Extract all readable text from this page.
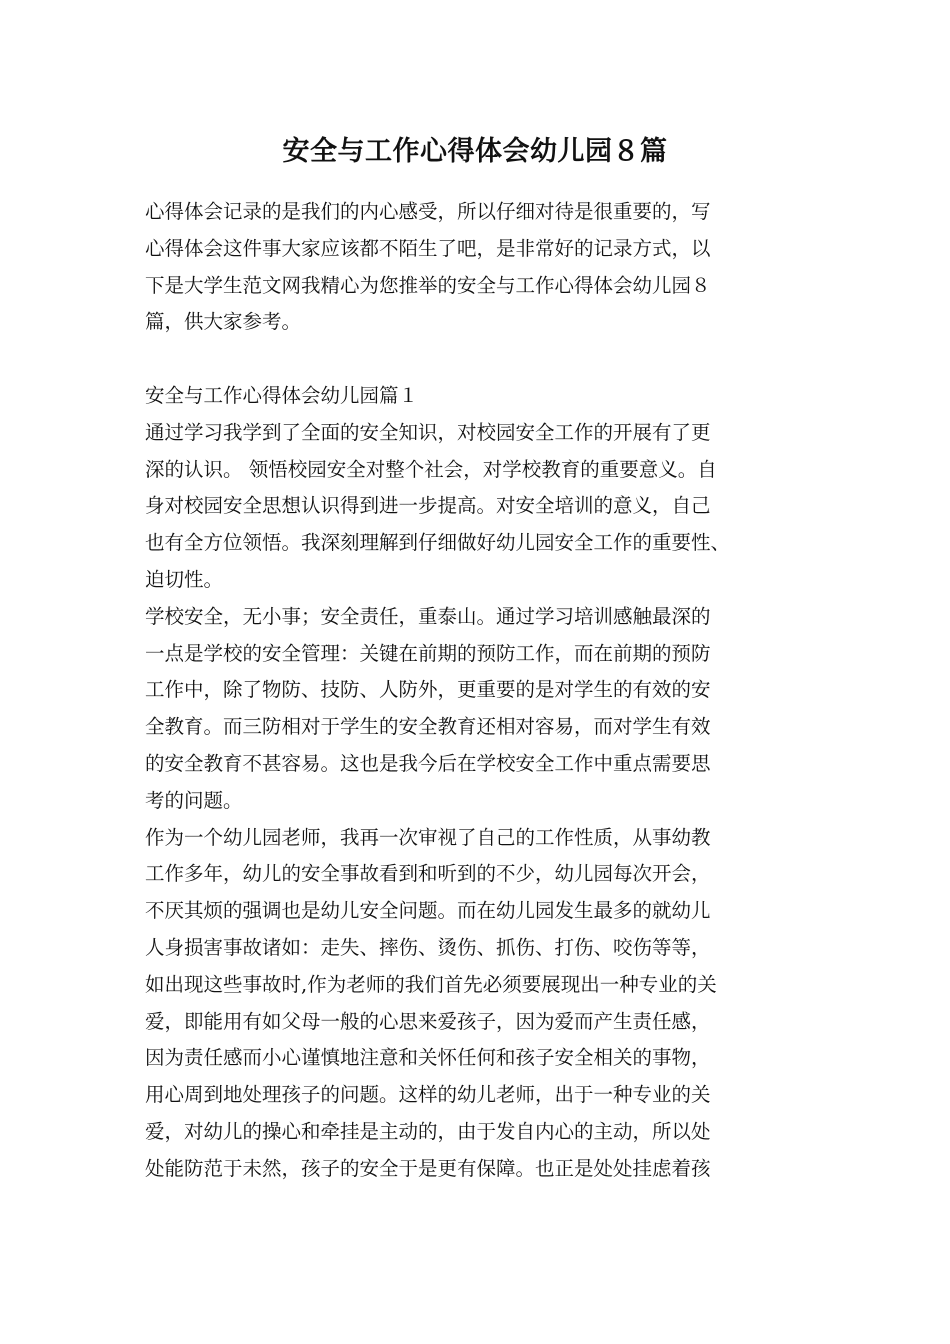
安全与工作心得体会幼儿园８篇
心得体会记录的是我们的内心感受，所以仔细对待是很重要的，写
心得体会这件事大家应该都不陌生了吧，是非常好的记录方式，以
下是大学生范文网我精心为您推举的安全与工作心得体会幼儿园８
篇，供大家参考。
安全与工作心得体会幼儿园篇１
通过学习我学到了全面的安全知识，对校园安全工作的开展有了更
深的认识。 领悟校园安全对整个社会，对学校教育的重要意义。自
身对校园安全思想认识得到进一步提高。对安全培训的意义，自己
也有全方位领悟。我深刻理解到仔细做好幼儿园安全工作的重要性、
迫切性。
学校安全，无小事；安全责任，重泰山。通过学习培训感触最深的
一点是学校的安全管理：关键在前期的预防工作，而在前期的预防
工作中，除了物防、技防、人防外，更重要的是对学生的有效的安
全教育。而三防相对于学生的安全教育还相对容易，而对学生有效
的安全教育不甚容易。这也是我今后在学校安全工作中重点需要思
考的问题。
作为一个幼儿园老师，我再一次审视了自己的工作性质，从事幼教
工作多年，幼儿的安全事故看到和听到的不少，幼儿园每次开会，
不厌其烦的强调也是幼儿安全问题。而在幼儿园发生最多的就幼儿
人身损害事故诸如：走失、摔伤、烫伤、抓伤、打伤、咬伤等等，
如出现这些事故时,作为老师的我们首先必须要展现出一种专业的关
爱，即能用有如父母一般的心思来爱孩子，因为爱而产生责任感，
因为责任感而小心谨慎地注意和关怀任何和孩子安全相关的事物，
用心周到地处理孩子的问题。这样的幼儿老师，出于一种专业的关
爱，对幼儿的操心和牵挂是主动的，由于发自内心的主动，所以处
处能防范于未然，孩子的安全于是更有保障。也正是处处挂虑着孩
